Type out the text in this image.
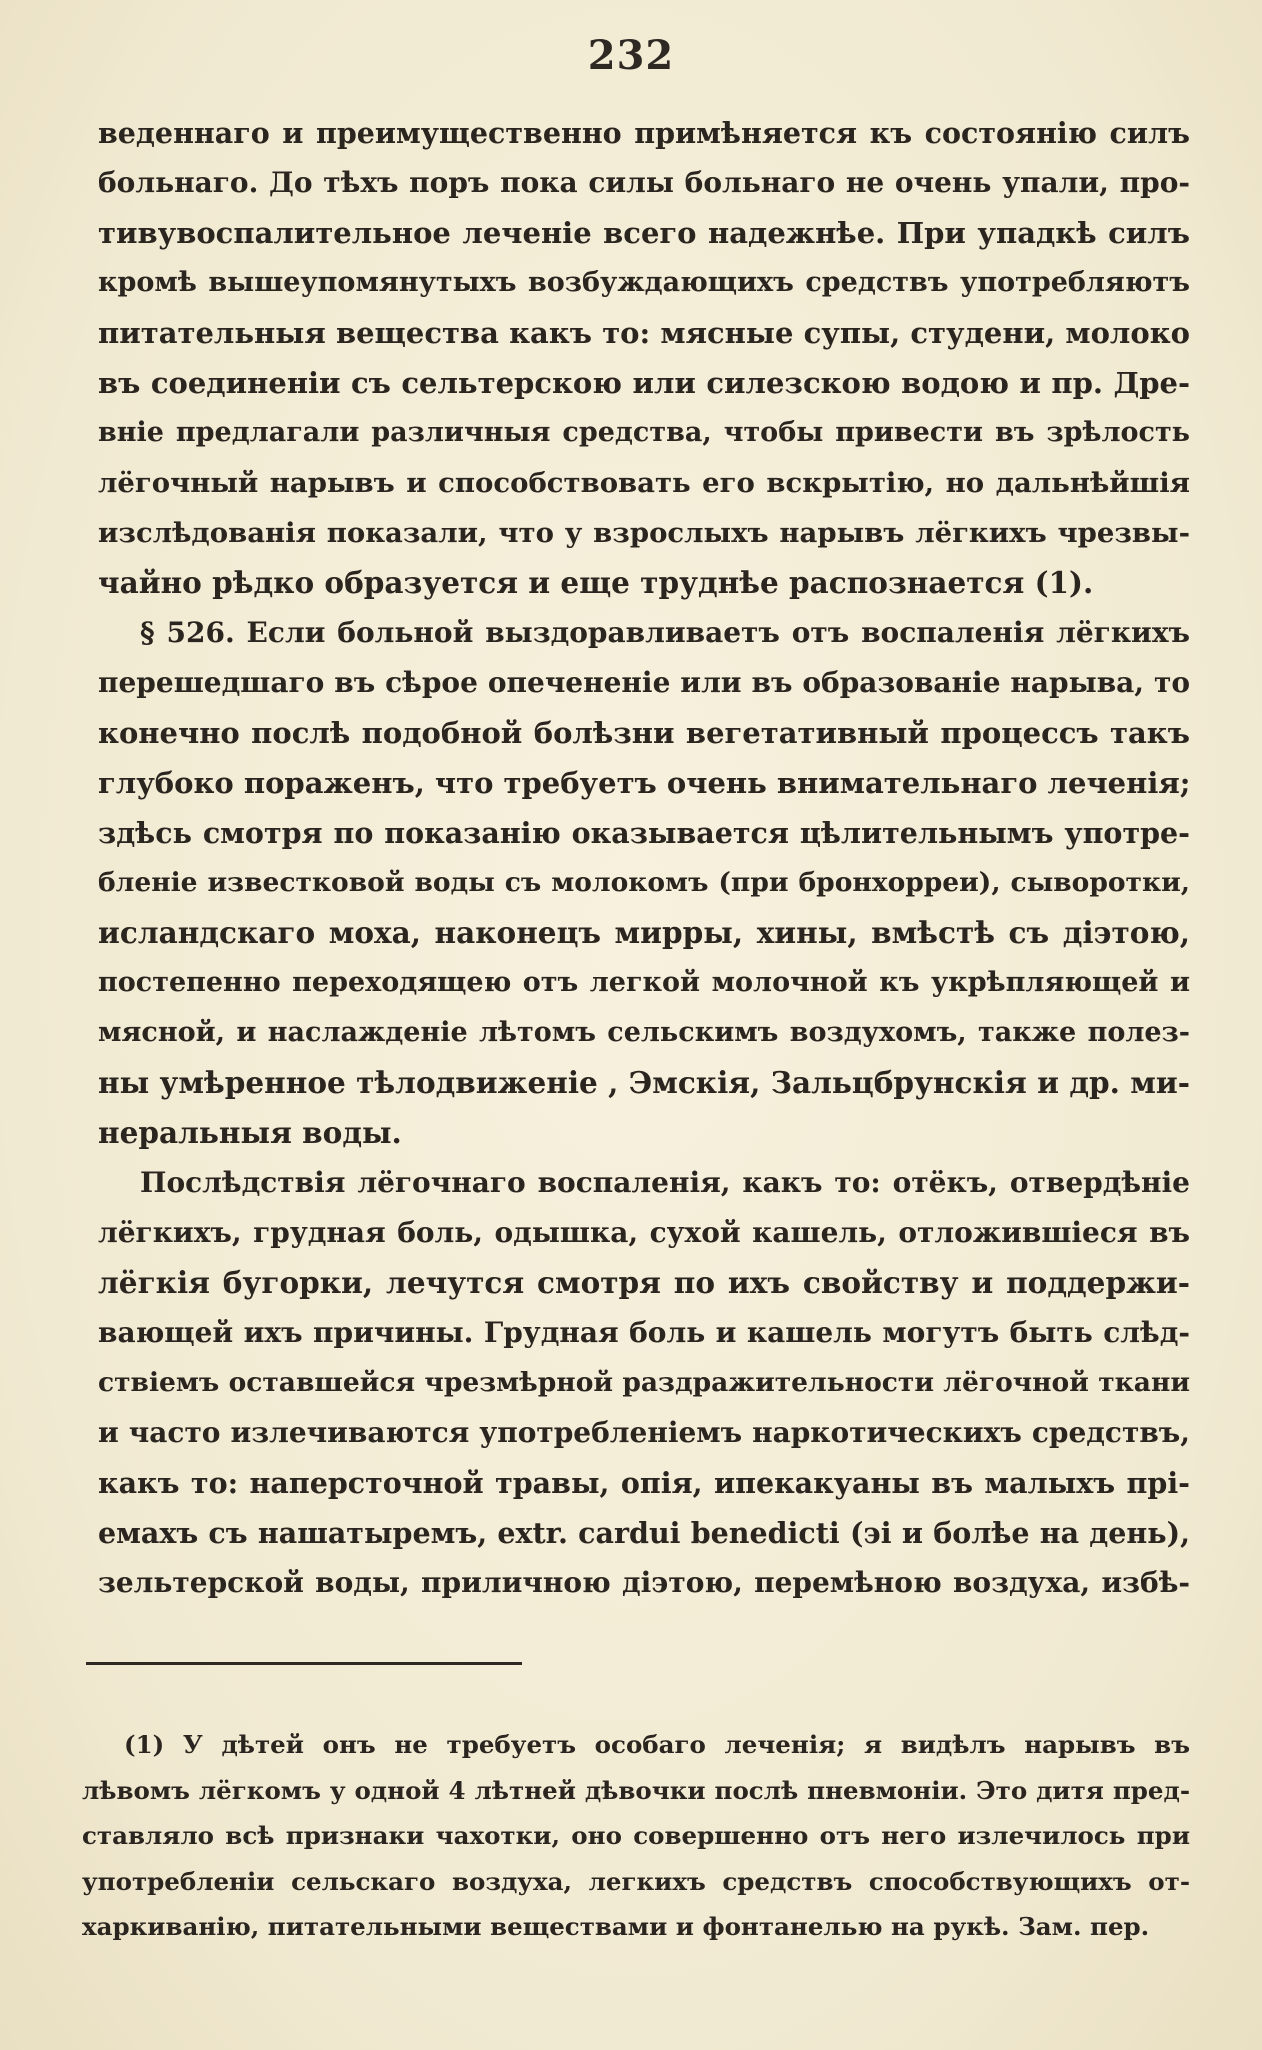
232
веденнаго и преимущественно примѣняется къ состоянію силъ
больнаго. До тѣхъ поръ пока силы больнаго не очень упали, про-
тивувоспалительное леченіе всего надежнѣе. При упадкѣ силъ
кромѣ вышеупомянутыхъ возбуждающихъ средствъ употребляютъ
питательныя вещества какъ то: мясные супы, студени, молоко
въ соединеніи съ сельтерскою или силезскою водою и пр. Дре-
вніе предлагали различныя средства, чтобы привести въ зрѣлость
лёгочный нарывъ и способствовать его вскрытію, но дальнѣйшія
изслѣдованія показали, что у взрослыхъ нарывъ лёгкихъ чрезвы-
чайно рѣдко образуется и еще труднѣе распознается (1).
§ 526. Если больной выздоравливаетъ отъ воспаленія лёгкихъ
перешедшаго въ сѣрое опечененіе или въ образованіе нарыва, то
конечно послѣ подобной болѣзни вегетативный процессъ такъ
глубоко пораженъ, что требуетъ очень внимательнаго леченія;
здѣсь смотря по показанію оказывается цѣлительнымъ употре-
бленіе известковой воды съ молокомъ (при бронхорреи), сыворотки,
исландскаго моха, наконецъ мирры, хины, вмѣстѣ съ діэтою,
постепенно переходящею отъ легкой молочной къ укрѣпляющей и
мясной, и наслажденіе лѣтомъ сельскимъ воздухомъ, также полез-
ны умѣренное тѣлодвиженіе , Эмскія, Зальцбрунскія и др. ми-
неральныя воды.
Послѣдствія лёгочнаго воспаленія, какъ то: отёкъ, отвердѣніе
лёгкихъ, грудная боль, одышка, сухой кашель, отложившіеся въ
лёгкія бугорки, лечутся смотря по ихъ свойству и поддержи-
вающей ихъ причины. Грудная боль и кашель могутъ быть слѣд-
ствіемъ оставшейся чрезмѣрной раздражительности лёгочной ткани
и часто излечиваются употребленіемъ наркотическихъ средствъ,
какъ то: наперсточной травы, опія, ипекакуаны въ малыхъ прі-
емахъ съ нашатыремъ, extr. cardui benedicti (эі и болѣе на день),
зельтерской воды, приличною діэтою, перемѣною воздуха, избѣ-
(1) У дѣтей онъ не требуетъ особаго леченія; я видѣлъ нарывъ въ
лѣвомъ лёгкомъ у одной 4 лѣтней дѣвочки послѣ пневмоніи. Это дитя пред-
ставляло всѣ признаки чахотки, оно совершенно отъ него излечилось при
употребленіи сельскаго воздуха, легкихъ средствъ способствующихъ от-
харкиванію, питательными веществами и фонтанелью на рукѣ. Зам. пер.
